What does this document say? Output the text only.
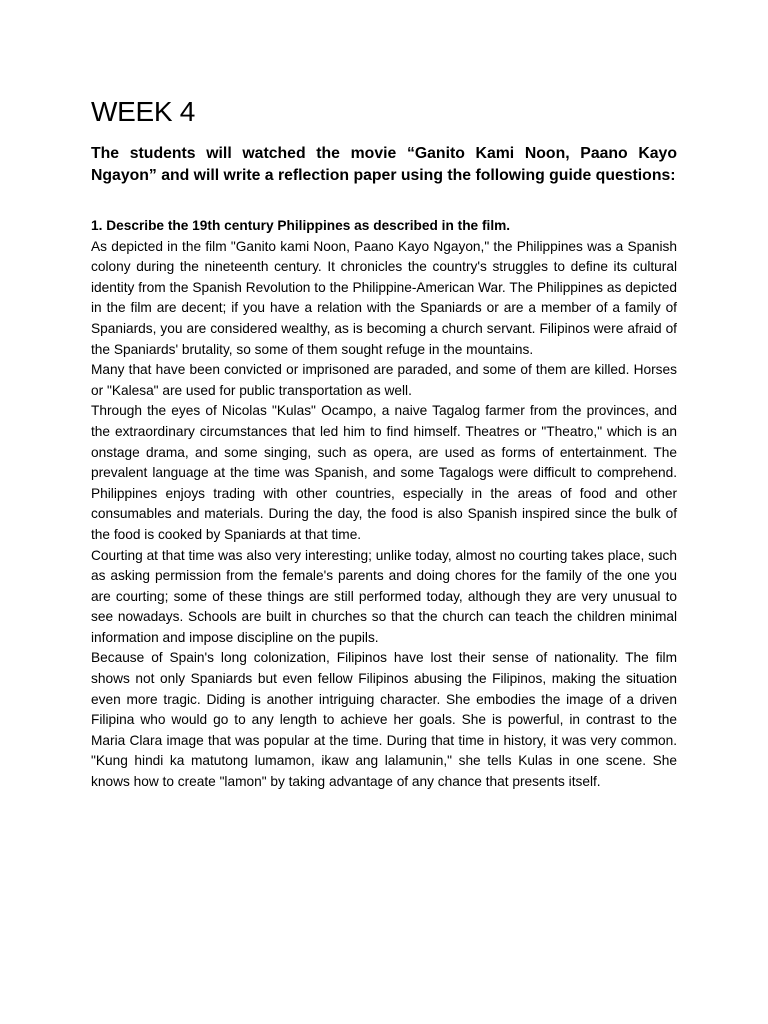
WEEK 4

The students will watched the movie “Ganito Kami Noon, Paano Kayo Ngayon” and will write a reflection paper using the following guide questions:

1. Describe the 19th century Philippines as described in the film.

As depicted in the film "Ganito kami Noon, Paano Kayo Ngayon," the Philippines was a Spanish colony during the nineteenth century. It chronicles the country's struggles to define its cultural identity from the Spanish Revolution to the Philippine-American War. The Philippines as depicted in the film are decent; if you have a relation with the Spaniards or are a member of a family of Spaniards, you are considered wealthy, as is becoming a church servant. Filipinos were afraid of the Spaniards' brutality, so some of them sought refuge in the mountains.

Many that have been convicted or imprisoned are paraded, and some of them are killed. Horses or "Kalesa" are used for public transportation as well.

Through the eyes of Nicolas "Kulas" Ocampo, a naive Tagalog farmer from the provinces, and the extraordinary circumstances that led him to find himself. Theatres or "Theatro," which is an onstage drama, and some singing, such as opera, are used as forms of entertainment. The prevalent language at the time was Spanish, and some Tagalogs were difficult to comprehend. Philippines enjoys trading with other countries, especially in the areas of food and other consumables and materials. During the day, the food is also Spanish inspired since the bulk of the food is cooked by Spaniards at that time.

Courting at that time was also very interesting; unlike today, almost no courting takes place, such as asking permission from the female's parents and doing chores for the family of the one you are courting; some of these things are still performed today, although they are very unusual to see nowadays. Schools are built in churches so that the church can teach the children minimal information and impose discipline on the pupils.

Because of Spain's long colonization, Filipinos have lost their sense of nationality. The film shows not only Spaniards but even fellow Filipinos abusing the Filipinos, making the situation even more tragic. Diding is another intriguing character. She embodies the image of a driven Filipina who would go to any length to achieve her goals. She is powerful, in contrast to the Maria Clara image that was popular at the time. During that time in history, it was very common. "Kung hindi ka matutong lumamon, ikaw ang lalamunin," she tells Kulas in one scene. She knows how to create "lamon" by taking advantage of any chance that presents itself.
